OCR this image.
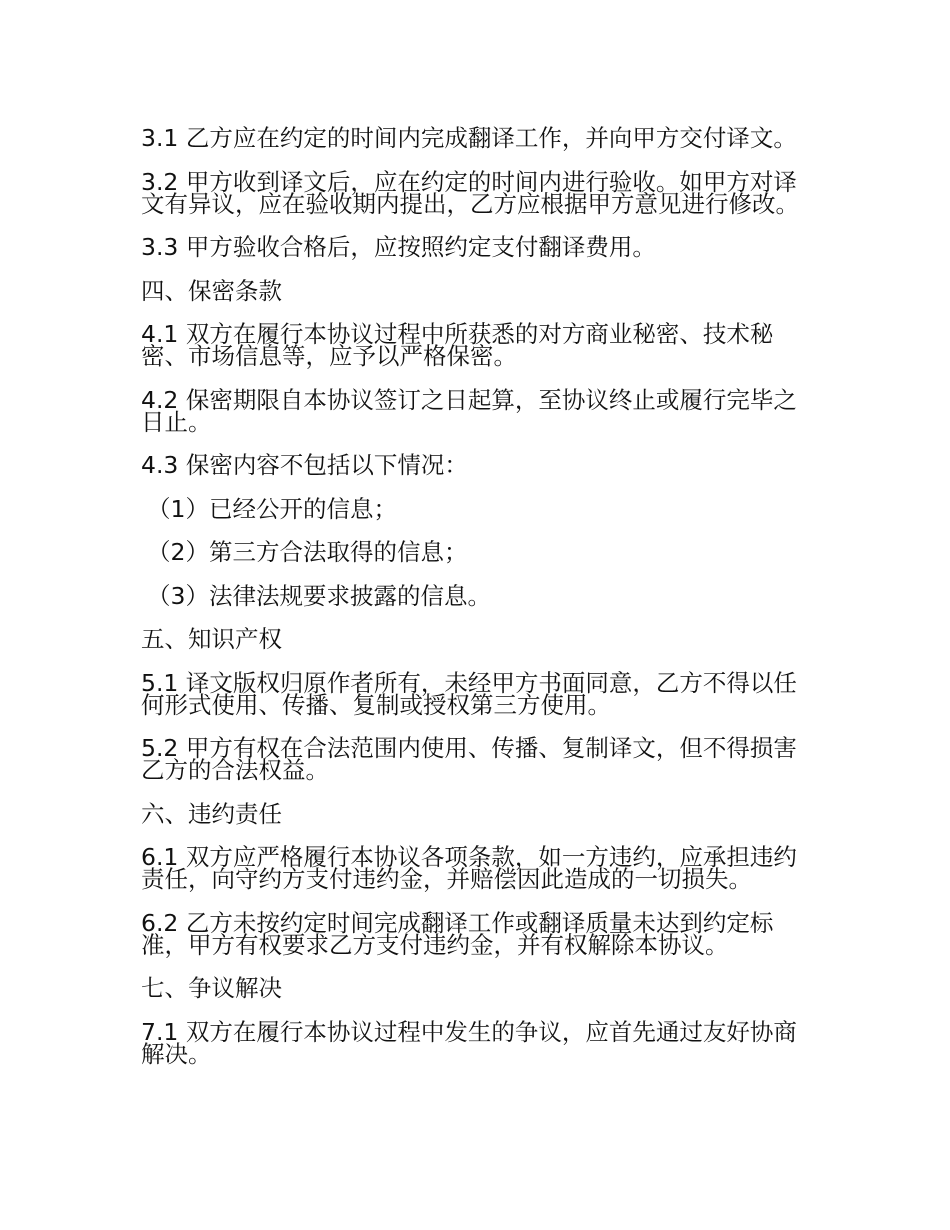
3.1 乙方应在约定的时间内完成翻译工作，并向甲方交付译文。

3.2 甲方收到译文后，应在约定的时间内进行验收。如甲方对译文有异议，应在验收期内提出，乙方应根据甲方意见进行修改。

3.3 甲方验收合格后，应按照约定支付翻译费用。

四、保密条款

4.1 双方在履行本协议过程中所获悉的对方商业秘密、技术秘密、市场信息等，应予以严格保密。

4.2 保密期限自本协议签订之日起算，至协议终止或履行完毕之日止。

4.3 保密内容不包括以下情况：

（1）已经公开的信息；

（2）第三方合法取得的信息；

（3）法律法规要求披露的信息。

五、知识产权

5.1 译文版权归原作者所有，未经甲方书面同意，乙方不得以任何形式使用、传播、复制或授权第三方使用。

5.2 甲方有权在合法范围内使用、传播、复制译文，但不得损害乙方的合法权益。

六、违约责任

6.1 双方应严格履行本协议各项条款，如一方违约，应承担违约责任，向守约方支付违约金，并赔偿因此造成的一切损失。

6.2 乙方未按约定时间完成翻译工作或翻译质量未达到约定标准，甲方有权要求乙方支付违约金，并有权解除本协议。

七、争议解决

7.1 双方在履行本协议过程中发生的争议，应首先通过友好协商解决。
